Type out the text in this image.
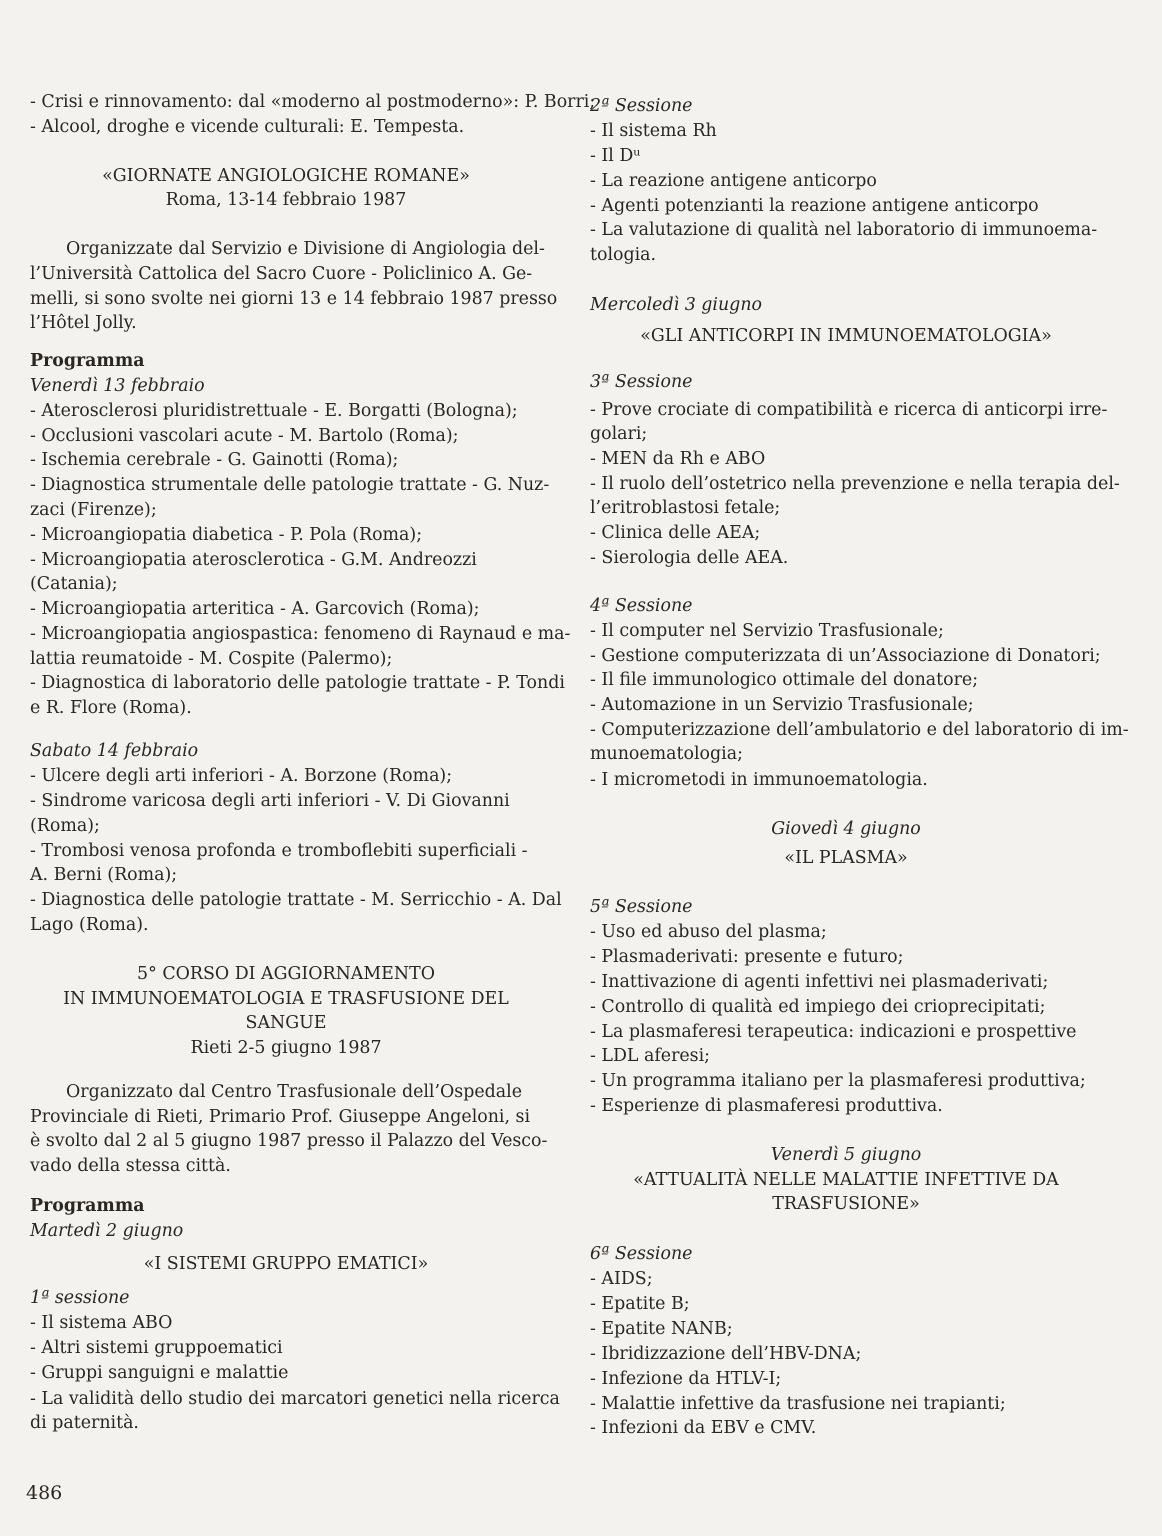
- Crisi e rinnovamento: dal «moderno al postmoderno»: P. Borri;
- Alcool, droghe e vicende culturali: E. Tempesta.
«GIORNATE ANGIOLOGICHE ROMANE»
Roma, 13-14 febbraio 1987
Organizzate dal Servizio e Divisione di Angiologia del-
l’Università Cattolica del Sacro Cuore - Policlinico A. Ge-
melli, si sono svolte nei giorni 13 e 14 febbraio 1987 presso
l’Hôtel Jolly.
Programma
Venerdì 13 febbraio
- Aterosclerosi pluridistrettuale - E. Borgatti (Bologna);
- Occlusioni vascolari acute - M. Bartolo (Roma);
- Ischemia cerebrale - G. Gainotti (Roma);
- Diagnostica strumentale delle patologie trattate - G. Nuz-
zaci (Firenze);
- Microangiopatia diabetica - P. Pola (Roma);
- Microangiopatia aterosclerotica - G.M. Andreozzi
(Catania);
- Microangiopatia arteritica - A. Garcovich (Roma);
- Microangiopatia angiospastica: fenomeno di Raynaud e ma-
lattia reumatoide - M. Cospite (Palermo);
- Diagnostica di laboratorio delle patologie trattate - P. Tondi
e R. Flore (Roma).
Sabato 14 febbraio
- Ulcere degli arti inferiori - A. Borzone (Roma);
- Sindrome varicosa degli arti inferiori - V. Di Giovanni
(Roma);
- Trombosi venosa profonda e tromboflebiti superficiali -
A. Berni (Roma);
- Diagnostica delle patologie trattate - M. Serricchio - A. Dal
Lago (Roma).
5° CORSO DI AGGIORNAMENTO
IN IMMUNOEMATOLOGIA E TRASFUSIONE DEL
SANGUE
Rieti 2-5 giugno 1987
Organizzato dal Centro Trasfusionale dell’Ospedale
Provinciale di Rieti, Primario Prof. Giuseppe Angeloni, si
è svolto dal 2 al 5 giugno 1987 presso il Palazzo del Vesco-
vado della stessa città.
Programma
Martedì 2 giugno
«I SISTEMI GRUPPO EMATICI»
1ª sessione
- Il sistema ABO
- Altri sistemi gruppoematici
- Gruppi sanguigni e malattie
- La validità dello studio dei marcatori genetici nella ricerca
di paternità.
2ª Sessione
- Il sistema Rh
- Il Dᵘ
- La reazione antigene anticorpo
- Agenti potenzianti la reazione antigene anticorpo
- La valutazione di qualità nel laboratorio di immunoema-
tologia.
Mercoledì 3 giugno
«GLI ANTICORPI IN IMMUNOEMATOLOGIA»
3ª Sessione
- Prove crociate di compatibilità e ricerca di anticorpi irre-
golari;
- MEN da Rh e ABO
- Il ruolo dell’ostetrico nella prevenzione e nella terapia del-
l’eritroblastosi fetale;
- Clinica delle AEA;
- Sierologia delle AEA.
4ª Sessione
- Il computer nel Servizio Trasfusionale;
- Gestione computerizzata di un’Associazione di Donatori;
- Il file immunologico ottimale del donatore;
- Automazione in un Servizio Trasfusionale;
- Computerizzazione dell’ambulatorio e del laboratorio di im-
munoematologia;
- I micrometodi in immunoematologia.
Giovedì 4 giugno
«IL PLASMA»
5ª Sessione
- Uso ed abuso del plasma;
- Plasmaderivati: presente e futuro;
- Inattivazione di agenti infettivi nei plasmaderivati;
- Controllo di qualità ed impiego dei crioprecipitati;
- La plasmaferesi terapeutica: indicazioni e prospettive
- LDL aferesi;
- Un programma italiano per la plasmaferesi produttiva;
- Esperienze di plasmaferesi produttiva.
Venerdì 5 giugno
«ATTUALITÀ NELLE MALATTIE INFETTIVE DA
TRASFUSIONE»
6ª Sessione
- AIDS;
- Epatite B;
- Epatite NANB;
- Ibridizzazione dell’HBV-DNA;
- Infezione da HTLV-I;
- Malattie infettive da trasfusione nei trapianti;
- Infezioni da EBV e CMV.
486
